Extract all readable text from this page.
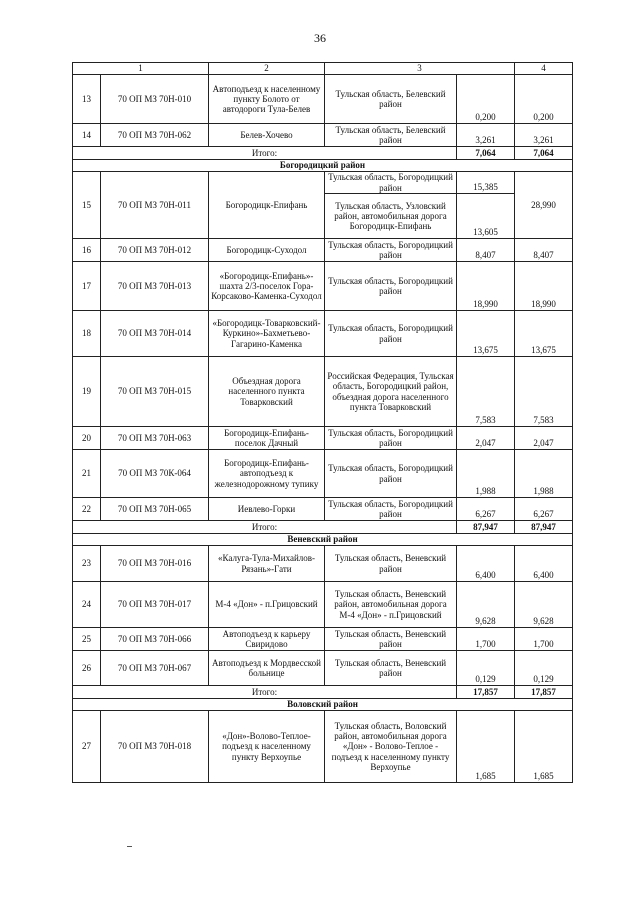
36
1		2	3		4
13	70 ОП МЗ 70Н-010	Автоподъезд к населенному пункту Болото от автодороги Тула-Белев	Тульская область, Белевский район	0,200	0,200
14	70 ОП МЗ 70Н-062	Белев-Хочево	Тульская область, Белевский район	3,261	3,261
Итого:				7,064	7,064
Богородицкий район					
15	70 ОП МЗ 70Н-011	Богородицк-Епифань	Тульская область, Богородицкий район	15,385	28,990
			Тульская область, Узловский район, автомобильная дорога Богородицк-Епифань	13,605	
16	70 ОП МЗ 70Н-012	Богородицк-Суходол	Тульская область, Богородицкий район	8,407	8,407
17	70 ОП МЗ 70Н-013	«Богородицк-Епифань»-шахта 2/3-поселок Гора-Корсаково-Каменка-Суходол	Тульская область, Богородицкий район	18,990	18,990
18	70 ОП МЗ 70Н-014	«Богородицк-Товарковский-Куркино»-Бахметьево-Гагарино-Каменка	Тульская область, Богородицкий район	13,675	13,675
19	70 ОП МЗ 70Н-015	Объездная дорога населенного пункта Товарковский	Российская Федерация, Тульская область, Богородицкий район, объездная дорога населенного пункта Товарковский	7,583	7,583
20	70 ОП МЗ 70Н-063	Богородицк-Епифань-поселок Дачный	Тульская область, Богородицкий район	2,047	2,047
21	70 ОП МЗ 70К-064	Богородицк-Епифань-автоподъезд к железнодорожному тупику	Тульская область, Богородицкий район	1,988	1,988
22	70 ОП МЗ 70Н-065	Иевлево-Горки	Тульская область, Богородицкий район	6,267	6,267
Итого:				87,947	87,947
Веневский район					
23	70 ОП МЗ 70Н-016	«Калуга-Тула-Михайлов-Рязань»-Гати	Тульская область, Веневский район	6,400	6,400
24	70 ОП МЗ 70Н-017	М-4 «Дон» - п.Грицовский	Тульская область, Веневский район, автомобильная дорога М-4 «Дон» - п.Грицовский	9,628	9,628
25	70 ОП МЗ 70Н-066	Автоподъезд к карьеру Свиридово	Тульская область, Веневский район	1,700	1,700
26	70 ОП МЗ 70Н-067	Автоподъезд к Мордвесской больнице	Тульская область, Веневский район	0,129	0,129
Итого:				17,857	17,857
Воловский район					
27	70 ОП МЗ 70Н-018	«Дон»-Волово-Теплое-подъезд к населенному пункту Верхоупье	Тульская область, Воловский район, автомобильная дорога «Дон» - Волово-Теплое - подъезд к населенному пункту Верхоупье	1,685	1,685
